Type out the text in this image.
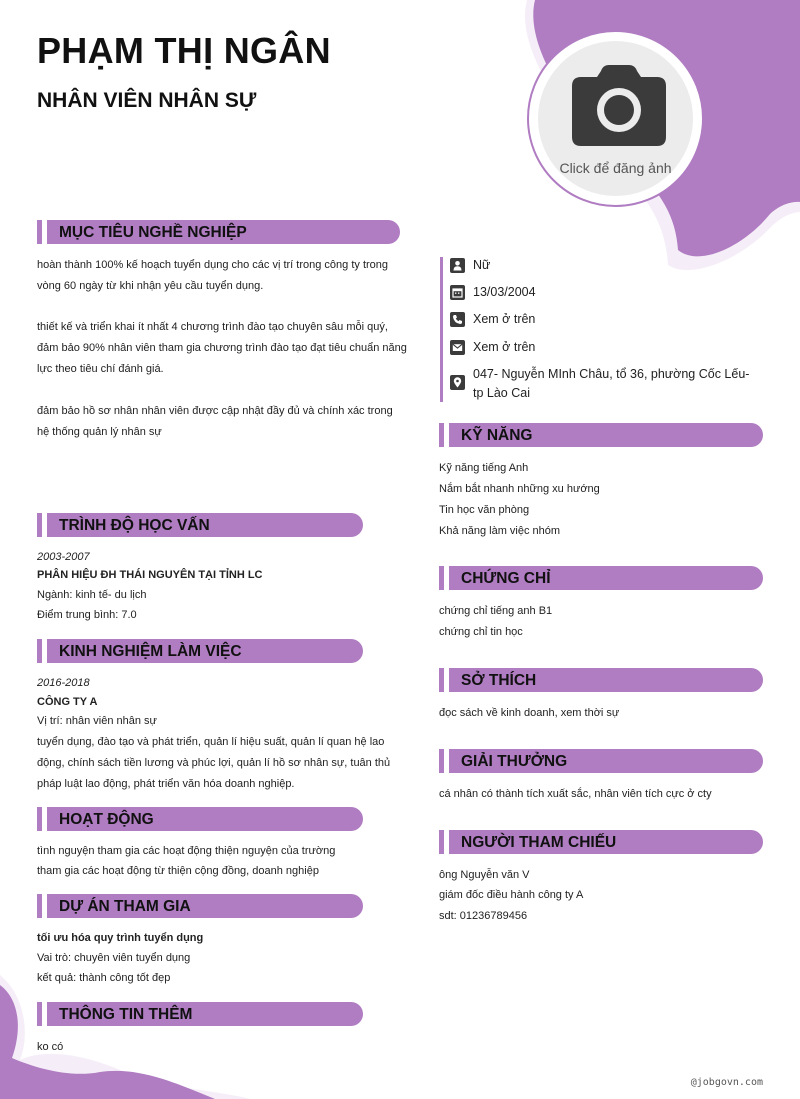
PHẠM THỊ NGÂN
NHÂN VIÊN NHÂN SỰ
Click để đăng ảnh
MỤC TIÊU NGHỀ NGHIỆP
hoàn thành 100% kế hoạch tuyển dụng cho các vị trí trong công ty trong vòng 60 ngày từ khi nhận yêu cầu tuyển dụng.
thiết kế và triển khai ít nhất 4 chương trình đào tạo chuyên sâu mỗi quý, đảm bảo 90% nhân viên tham gia chương trình đào tạo đạt tiêu chuẩn năng lực theo tiêu chí đánh giá.
đảm bảo hồ sơ nhân nhân viên được cập nhật đầy đủ và chính xác trong hệ thống quản lý nhân sự
TRÌNH ĐỘ HỌC VẤN
2003-2007
PHÂN HIỆU ĐH THÁI NGUYÊN TẠI TỈNH LC
Ngành: kinh tế- du lịch
Điểm trung bình: 7.0
KINH NGHIỆM LÀM VIỆC
2016-2018
CÔNG TY A
Vị trí: nhân viên nhân sự
tuyển dụng, đào tạo và phát triển, quản lí hiệu suất, quản lí quan hệ lao động, chính sách tiền lương và phúc lợi, quản lí hồ sơ nhân sự, tuân thủ pháp luật lao động, phát triển văn hóa doanh nghiệp.
HOẠT ĐỘNG
tình nguyện tham gia các hoạt động thiện nguyện của trường
tham gia các hoạt động từ thiện cộng đồng, doanh nghiệp
DỰ ÁN THAM GIA
tối ưu hóa quy trình tuyển dụng
Vai trò: chuyên viên tuyển dụng
kết quả: thành công tốt đẹp
THÔNG TIN THÊM
ko có
Nữ
13/03/2004
Xem ở trên
Xem ở trên
047- Nguyễn MInh Châu, tổ 36, phường Cốc Lếu- tp Lào Cai
KỸ NĂNG
Kỹ năng tiếng Anh
Nắm bắt nhanh những xu hướng
Tin học văn phòng
Khả năng làm việc nhóm
CHỨNG CHỈ
chứng chỉ tiếng anh B1
chứng chỉ tin học
SỞ THÍCH
đọc sách về kinh doanh, xem thời sự
GIẢI THƯỞNG
cá nhân có thành tích xuất sắc, nhân viên tích cực ở cty
NGƯỜI THAM CHIẾU
ông Nguyễn văn V
giám đốc điều hành công ty A
sdt: 01236789456
@jobgovn.com
